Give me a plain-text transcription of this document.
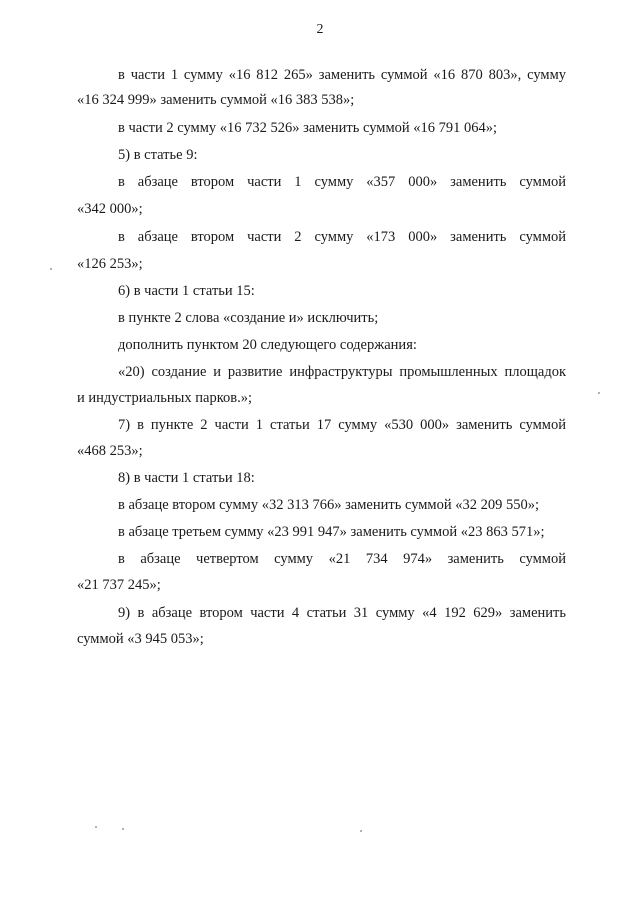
2
в части 1 сумму «16 812 265» заменить суммой «16 870 803», сумму
«16 324 999» заменить суммой «16 383 538»;
в части 2 сумму «16 732 526» заменить суммой «16 791 064»;
5) в статье 9:
в абзаце втором части 1 сумму «357 000» заменить суммой
«342 000»;
в абзаце втором части 2 сумму «173 000» заменить суммой
«126 253»;
6) в части 1 статьи 15:
в пункте 2 слова «создание и» исключить;
дополнить пунктом 20 следующего содержания:
«20) создание и развитие инфраструктуры промышленных площадок
и индустриальных парков.»;
7) в пункте 2 части 1 статьи 17 сумму «530 000» заменить суммой
«468 253»;
8) в части 1 статьи 18:
в абзаце втором сумму «32 313 766» заменить суммой «32 209 550»;
в абзаце третьем сумму «23 991 947» заменить суммой «23 863 571»;
в абзаце четвертом сумму «21 734 974» заменить суммой
«21 737 245»;
9) в абзаце втором части 4 статьи 31 сумму «4 192 629» заменить
суммой «3 945 053»;
